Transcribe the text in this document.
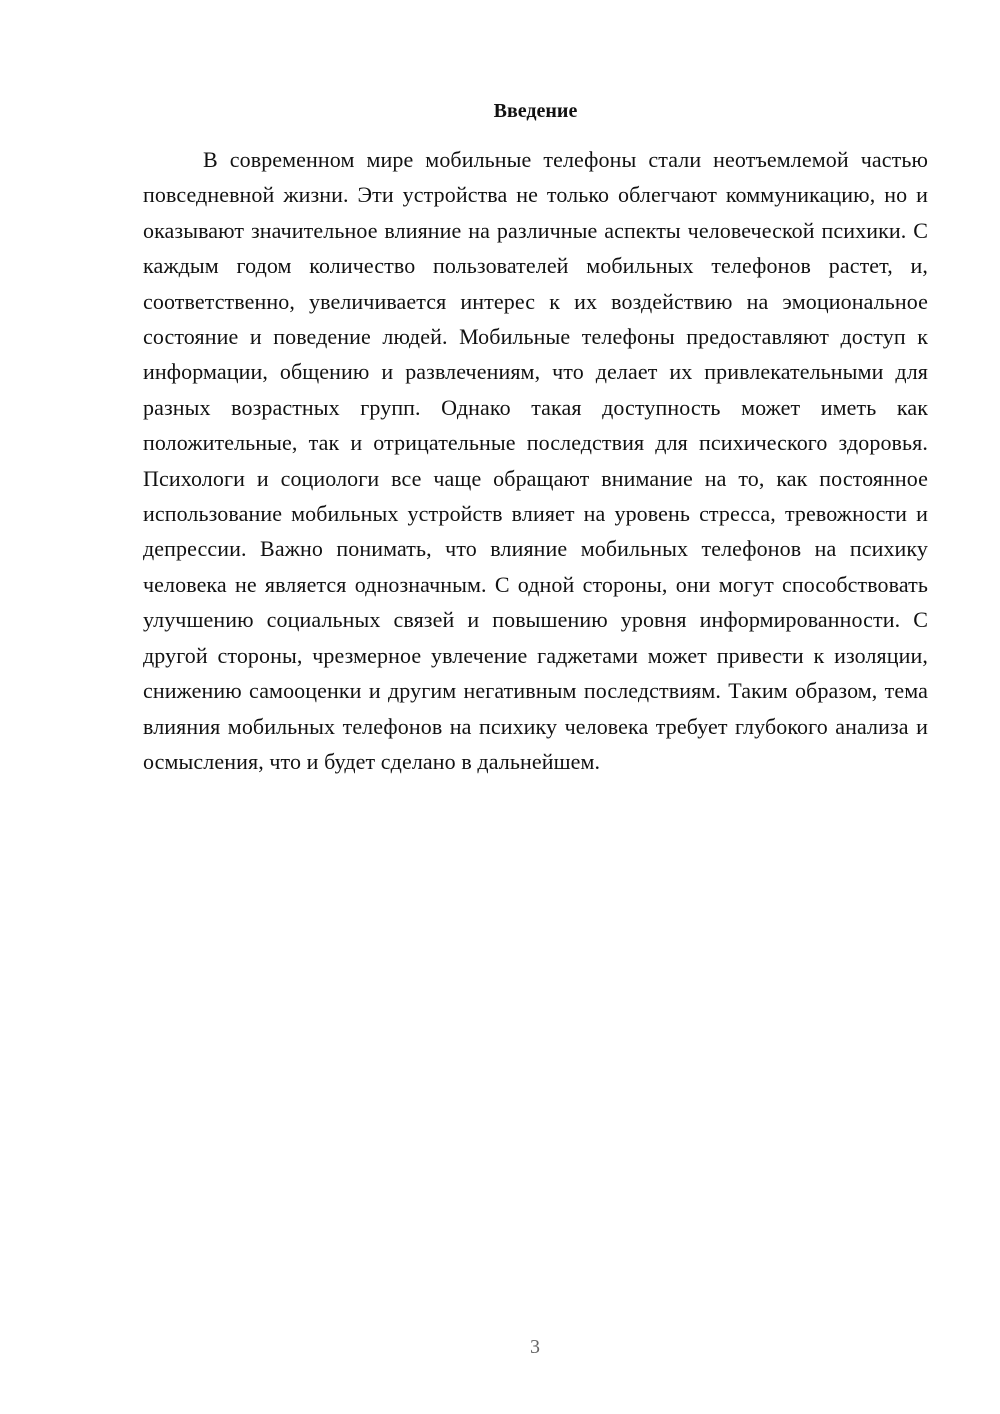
Введение

В современном мире мобильные телефоны стали неотъемлемой частью повседневной жизни. Эти устройства не только облегчают коммуникацию, но и оказывают значительное влияние на различные аспекты человеческой психики. С каждым годом количество пользователей мобильных телефонов растет, и, соответственно, увеличивается интерес к их воздействию на эмоциональное состояние и поведение людей. Мобильные телефоны предоставляют доступ к информации, общению и развлечениям, что делает их привлекательными для разных возрастных групп. Однако такая доступность может иметь как положительные, так и отрицательные последствия для психического здоровья. Психологи и социологи все чаще обращают внимание на то, как постоянное использование мобильных устройств влияет на уровень стресса, тревожности и депрессии. Важно понимать, что влияние мобильных телефонов на психику человека не является однозначным. С одной стороны, они могут способствовать улучшению социальных связей и повышению уровня информированности. С другой стороны, чрезмерное увлечение гаджетами может привести к изоляции, снижению самооценки и другим негативным последствиям. Таким образом, тема влияния мобильных телефонов на психику человека требует глубокого анализа и осмысления, что и будет сделано в дальнейшем.

3
